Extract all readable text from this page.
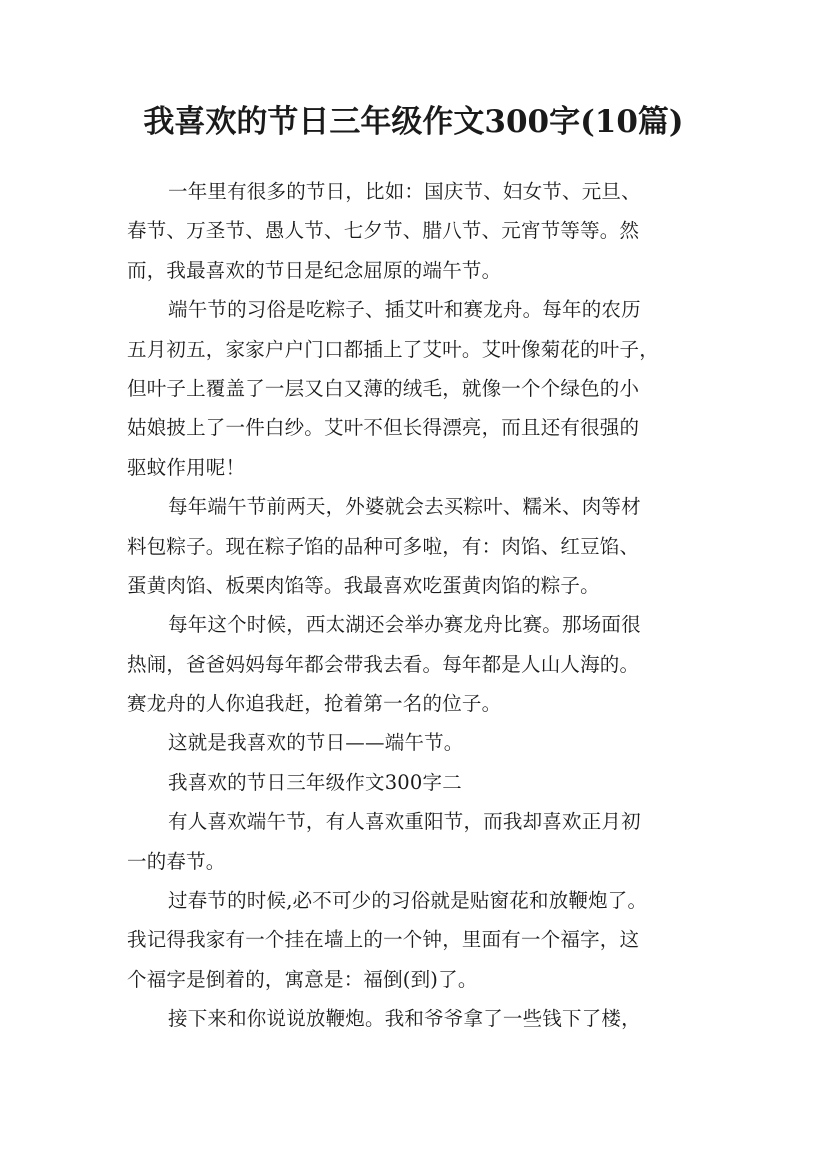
我喜欢的节日三年级作文300字(10篇)
一年里有很多的节日，比如：国庆节、妇女节、元旦、
春节、万圣节、愚人节、七夕节、腊八节、元宵节等等。然
而，我最喜欢的节日是纪念屈原的端午节。
端午节的习俗是吃粽子、插艾叶和赛龙舟。每年的农历
五月初五，家家户户门口都插上了艾叶。艾叶像菊花的叶子，
但叶子上覆盖了一层又白又薄的绒毛，就像一个个绿色的小
姑娘披上了一件白纱。艾叶不但长得漂亮，而且还有很强的
驱蚊作用呢！
每年端午节前两天，外婆就会去买粽叶、糯米、肉等材
料包粽子。现在粽子馅的品种可多啦，有：肉馅、红豆馅、
蛋黄肉馅、板栗肉馅等。我最喜欢吃蛋黄肉馅的粽子。
每年这个时候，西太湖还会举办赛龙舟比赛。那场面很
热闹，爸爸妈妈每年都会带我去看。每年都是人山人海的。
赛龙舟的人你追我赶，抢着第一名的位子。
这就是我喜欢的节日——端午节。
我喜欢的节日三年级作文300字二
有人喜欢端午节，有人喜欢重阳节，而我却喜欢正月初
一的春节。
过春节的时候,必不可少的习俗就是贴窗花和放鞭炮了。
我记得我家有一个挂在墙上的一个钟，里面有一个福字，这
个福字是倒着的，寓意是：福倒(到)了。
接下来和你说说放鞭炮。我和爷爷拿了一些钱下了楼，
